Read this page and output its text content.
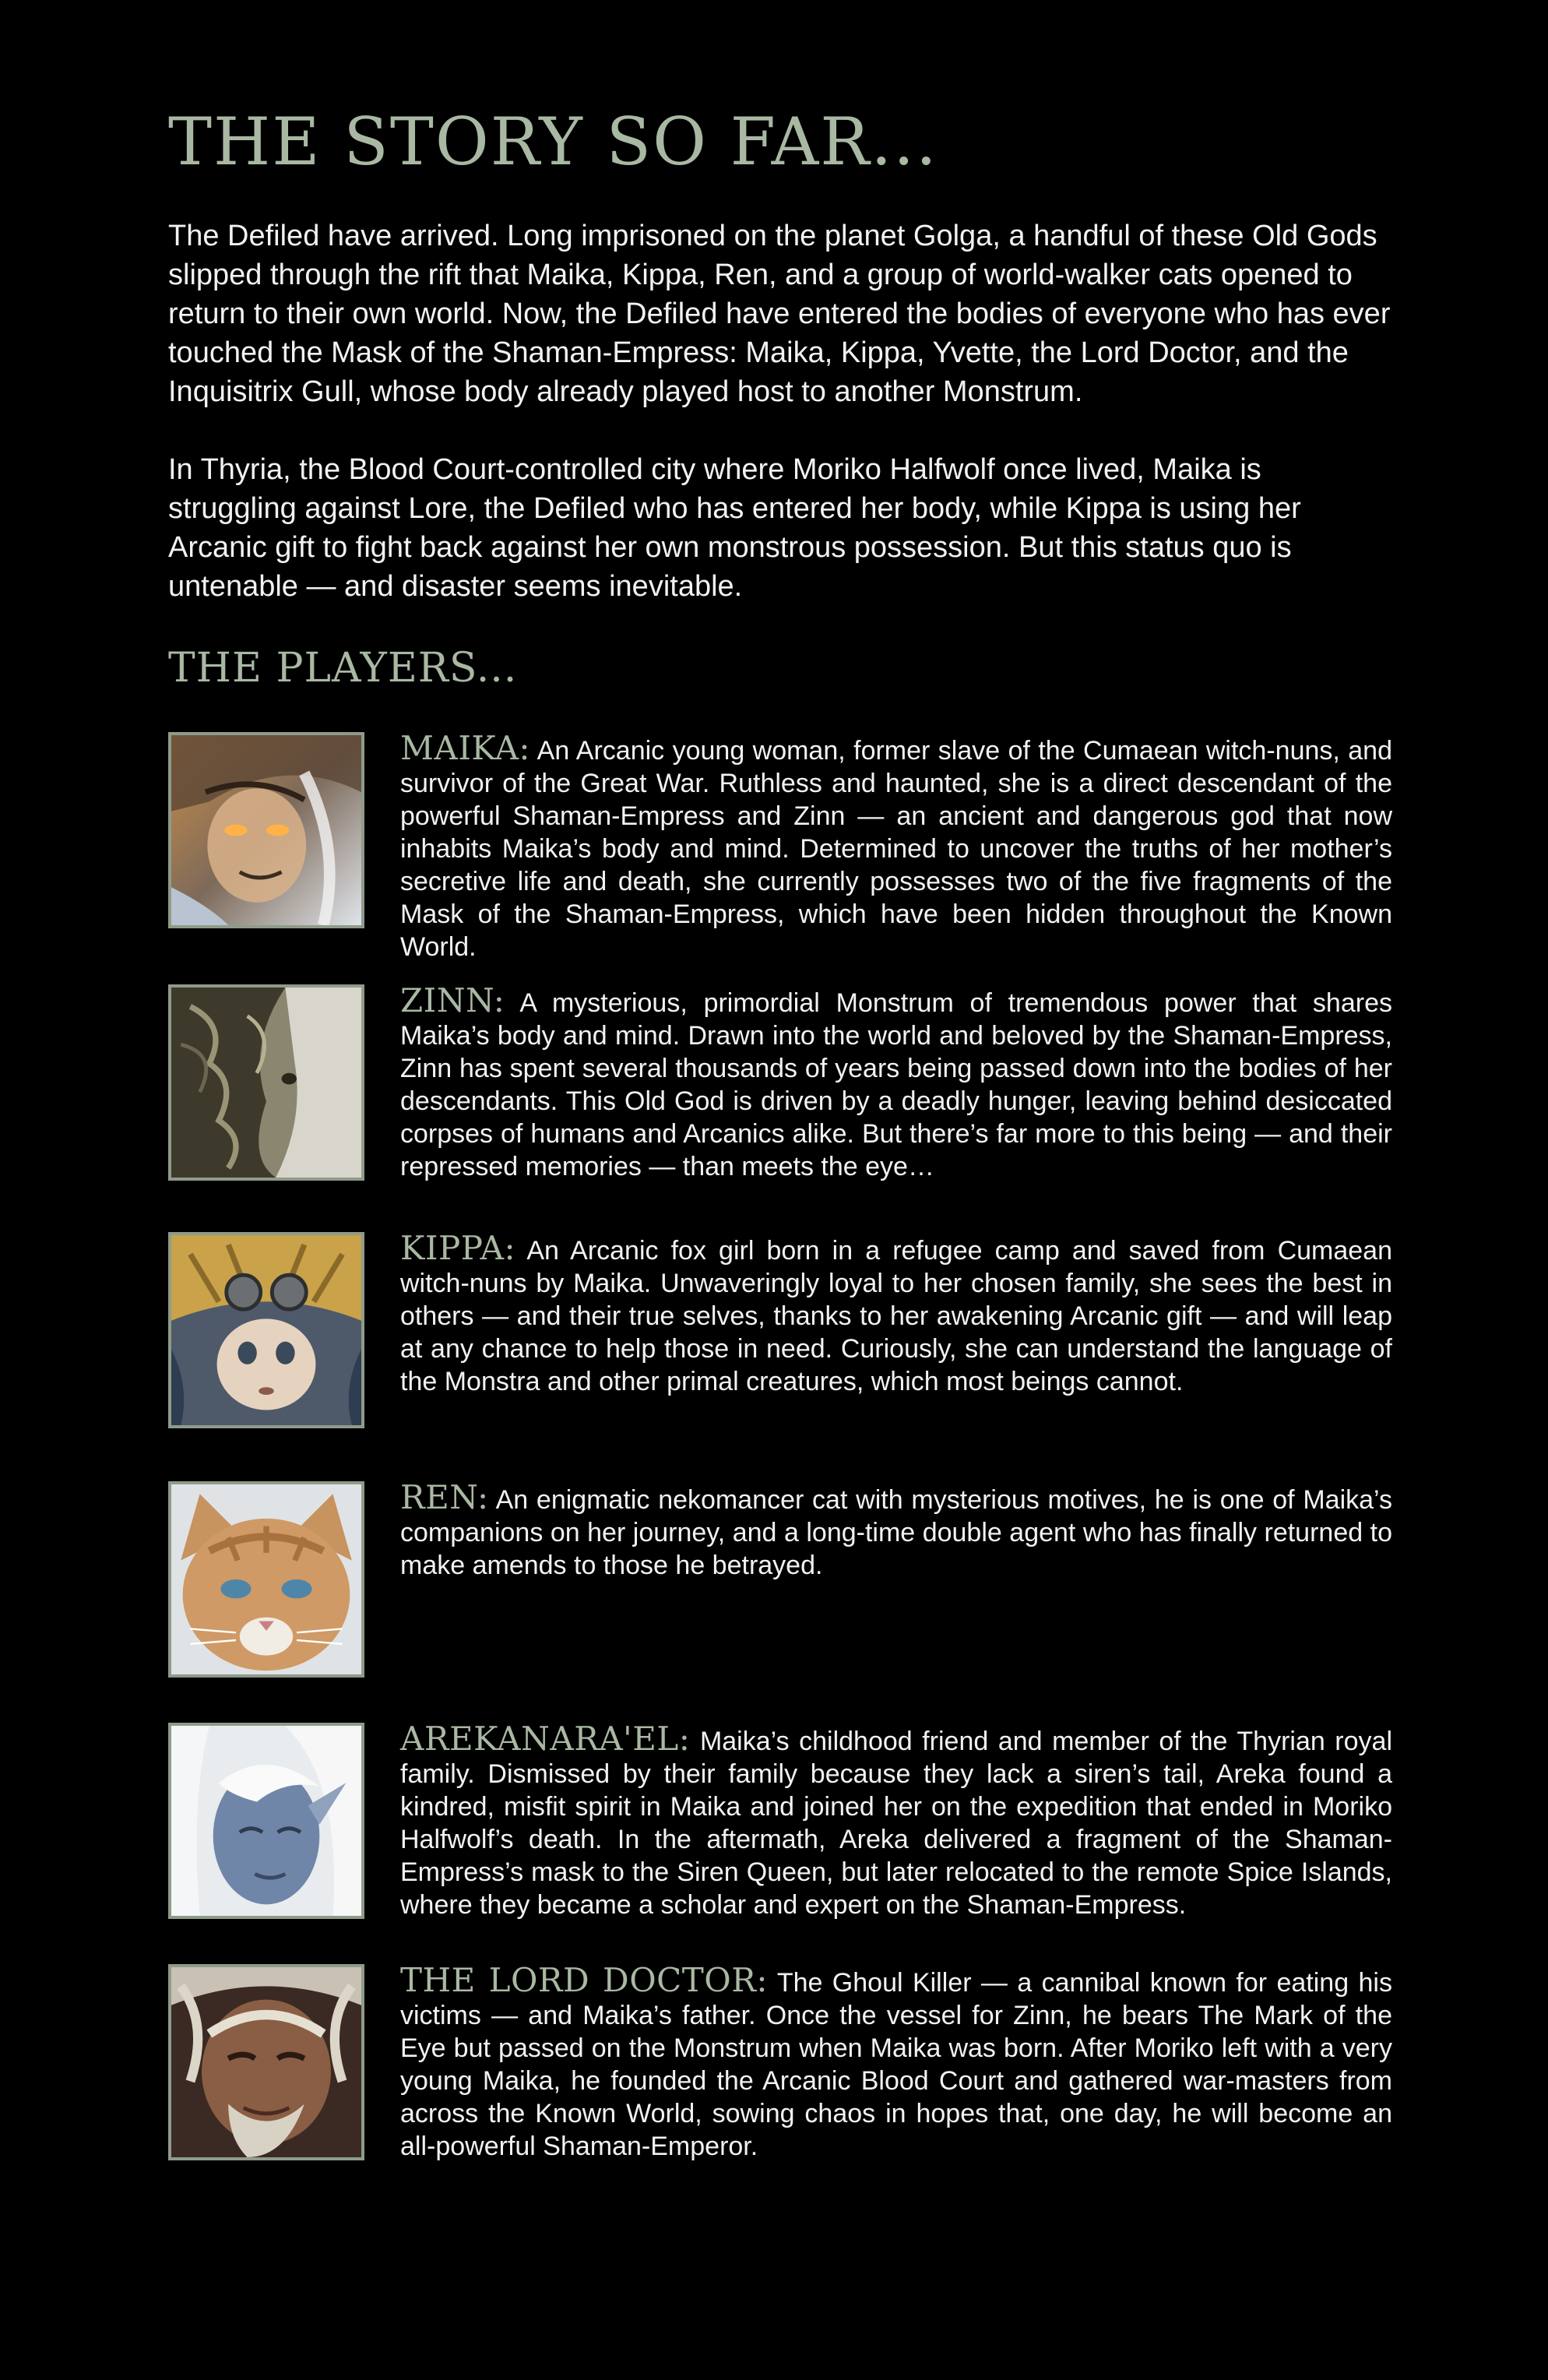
THE STORY SO FAR...

The Defiled have arrived. Long imprisoned on the planet Golga, a handful of these Old Gods slipped through the rift that Maika, Kippa, Ren, and a group of world-walker cats opened to return to their own world. Now, the Defiled have entered the bodies of everyone who has ever touched the Mask of the Shaman-Empress: Maika, Kippa, Yvette, the Lord Doctor, and the Inquisitrix Gull, whose body already played host to another Monstrum.

In Thyria, the Blood Court-controlled city where Moriko Halfwolf once lived, Maika is struggling against Lore, the Defiled who has entered her body, while Kippa is using her Arcanic gift to fight back against her own monstrous possession. But this status quo is untenable — and disaster seems inevitable.

THE PLAYERS...

MAIKA: An Arcanic young woman, former slave of the Cumaean witch-nuns, and survivor of the Great War. Ruthless and haunted, she is a direct descendant of the powerful Shaman-Empress and Zinn — an ancient and dangerous god that now inhabits Maika’s body and mind. Determined to uncover the truths of her mother’s secretive life and death, she currently possesses two of the five fragments of the Mask of the Shaman-Empress, which have been hidden throughout the Known World.

ZINN: A mysterious, primordial Monstrum of tremendous power that shares Maika’s body and mind. Drawn into the world and beloved by the Shaman-Empress, Zinn has spent several thousands of years being passed down into the bodies of her descendants. This Old God is driven by a deadly hunger, leaving behind desiccated corpses of humans and Arcanics alike. But there’s far more to this being — and their repressed memories — than meets the eye…

KIPPA: An Arcanic fox girl born in a refugee camp and saved from Cumaean witch-nuns by Maika. Unwaveringly loyal to her chosen family, she sees the best in others — and their true selves, thanks to her awakening Arcanic gift — and will leap at any chance to help those in need. Curiously, she can understand the language of the Monstra and other primal creatures, which most beings cannot.

REN: An enigmatic nekomancer cat with mysterious motives, he is one of Maika’s companions on her journey, and a long-time double agent who has finally returned to make amends to those he betrayed.

AREKANARA'EL: Maika’s childhood friend and member of the Thyrian royal family. Dismissed by their family because they lack a siren’s tail, Areka found a kindred, misfit spirit in Maika and joined her on the expedition that ended in Moriko Halfwolf’s death. In the aftermath, Areka delivered a fragment of the Shaman-Empress’s mask to the Siren Queen, but later relocated to the remote Spice Islands, where they became a scholar and expert on the Shaman-Empress.

THE LORD DOCTOR: The Ghoul Killer — a cannibal known for eating his victims — and Maika’s father. Once the vessel for Zinn, he bears The Mark of the Eye but passed on the Monstrum when Maika was born. After Moriko left with a very young Maika, he founded the Arcanic Blood Court and gathered war-masters from across the Known World, sowing chaos in hopes that, one day, he will become an all-powerful Shaman-Emperor.
